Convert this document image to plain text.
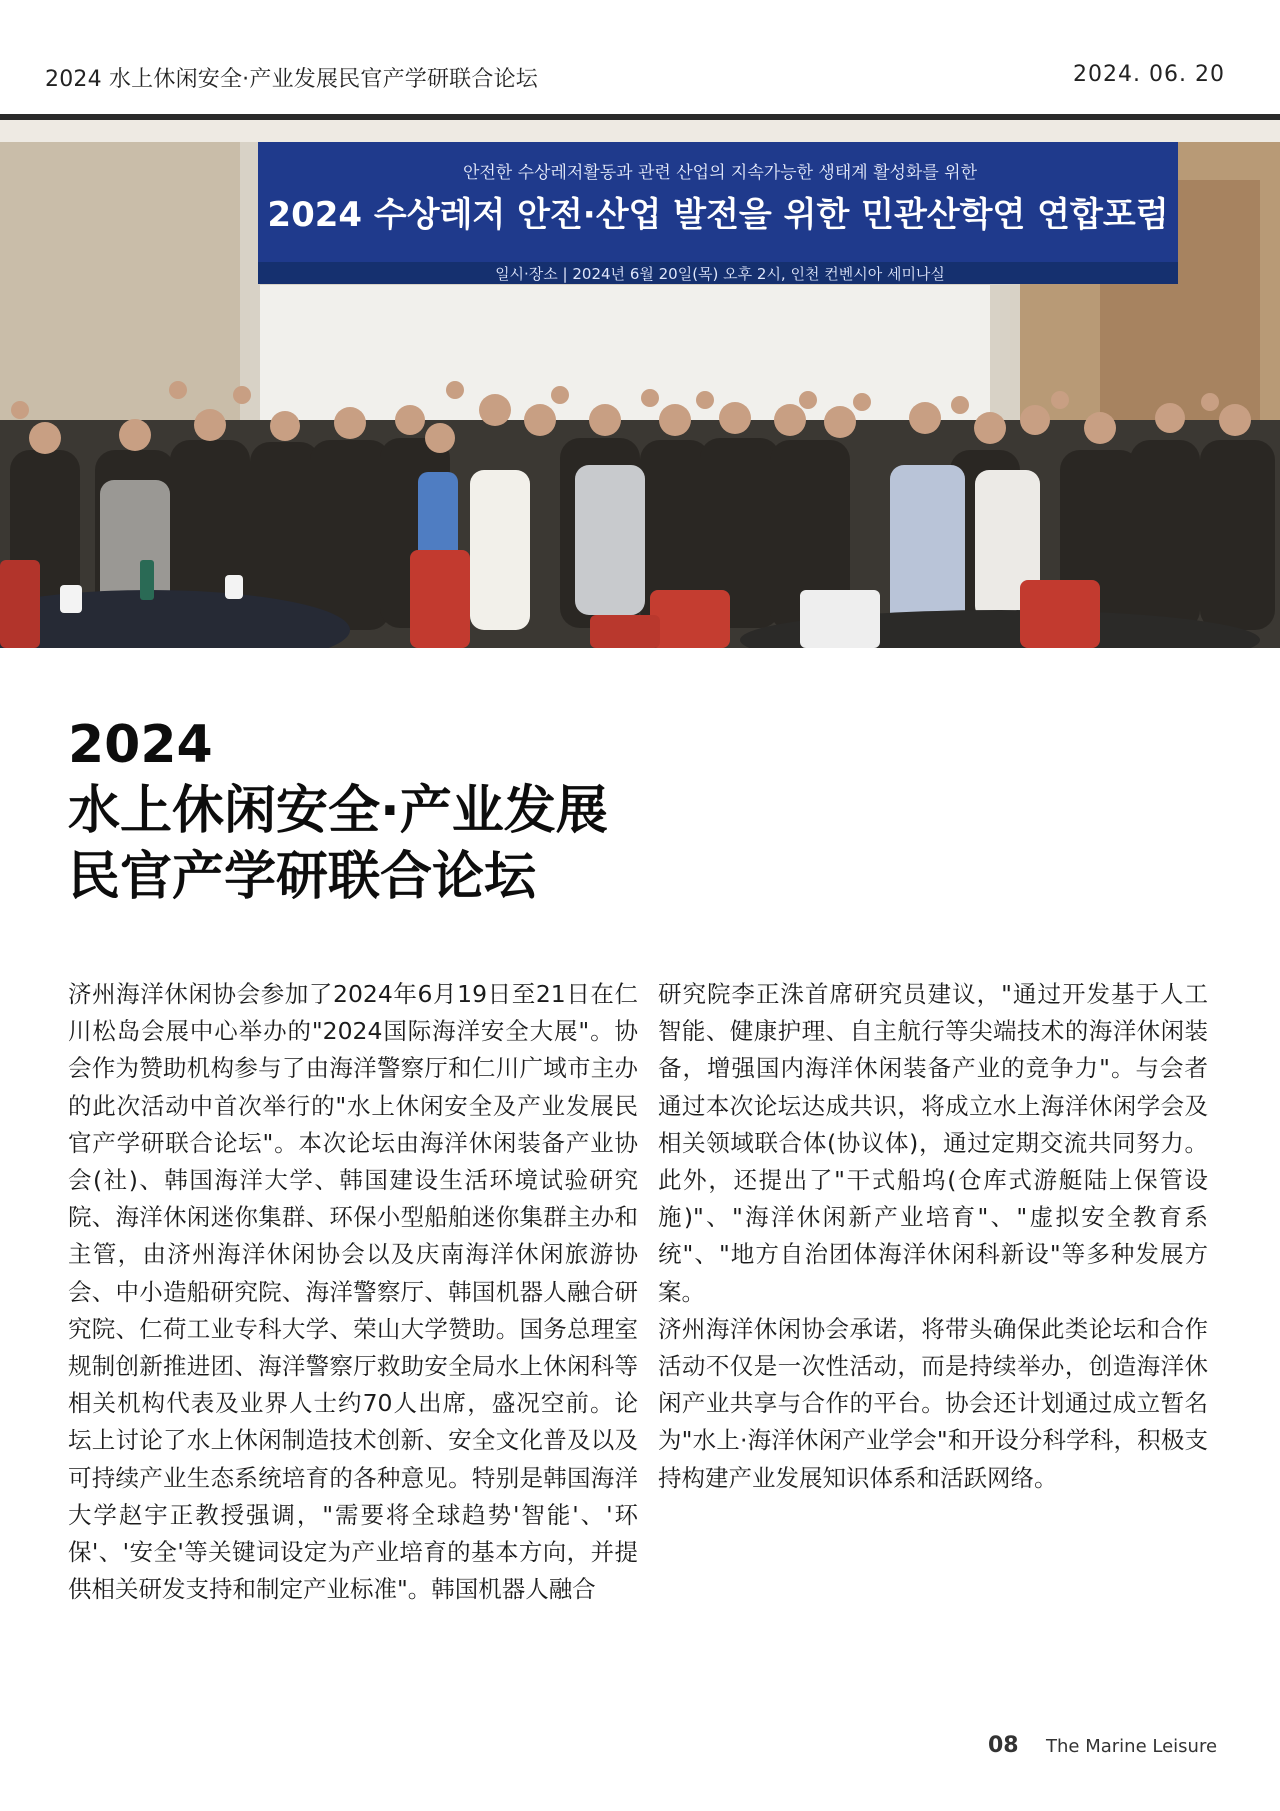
2024 水上休闲安全·产业发展民官产学研联合论坛	2024. 06. 20
안전한 수상레저활동과 관련 산업의 지속가능한 생태계 활성화를 위한
2024 수상레저 안전·산업 발전을 위한 민관산학연 연합포럼
일시·장소 | 2024년 6월 20일(목) 오후 2시, 인천 컨벤시아 세미나실
2024
水上休闲安全·产业发展
民官产学研联合论坛

济州海洋休闲协会参加了2024年6月19日至21日在仁川松岛会展中心举办的"2024国际海洋安全大展"。协会作为赞助机构参与了由海洋警察厅和仁川广域市主办的此次活动中首次举行的"水上休闲安全及产业发展民官产学研联合论坛"。本次论坛由海洋休闲装备产业协会(社)、韩国海洋大学、韩国建设生活环境试验研究院、海洋休闲迷你集群、环保小型船舶迷你集群主办和主管，由济州海洋休闲协会以及庆南海洋休闲旅游协会、中小造船研究院、海洋警察厅、韩国机器人融合研究院、仁荷工业专科大学、荣山大学赞助。国务总理室规制创新推进团、海洋警察厅救助安全局水上休闲科等相关机构代表及业界人士约70人出席，盛况空前。论坛上讨论了水上休闲制造技术创新、安全文化普及以及可持续产业生态系统培育的各种意见。特别是韩国海洋大学赵宇正教授强调，"需要将全球趋势'智能'、'环保'、'安全'等关键词设定为产业培育的基本方向，并提供相关研发支持和制定产业标准"。韩国机器人融合

研究院李正洙首席研究员建议，"通过开发基于人工智能、健康护理、自主航行等尖端技术的海洋休闲装备，增强国内海洋休闲装备产业的竞争力"。与会者通过本次论坛达成共识，将成立水上海洋休闲学会及相关领域联合体(协议体)，通过定期交流共同努力。此外，还提出了"干式船坞(仓库式游艇陆上保管设施)"、"海洋休闲新产业培育"、"虚拟安全教育系统"、"地方自治团体海洋休闲科新设"等多种发展方案。

济州海洋休闲协会承诺，将带头确保此类论坛和合作活动不仅是一次性活动，而是持续举办，创造海洋休闲产业共享与合作的平台。协会还计划通过成立暂名为"水上·海洋休闲产业学会"和开设分科学科，积极支持构建产业发展知识体系和活跃网络。

08 The Marine Leisure
